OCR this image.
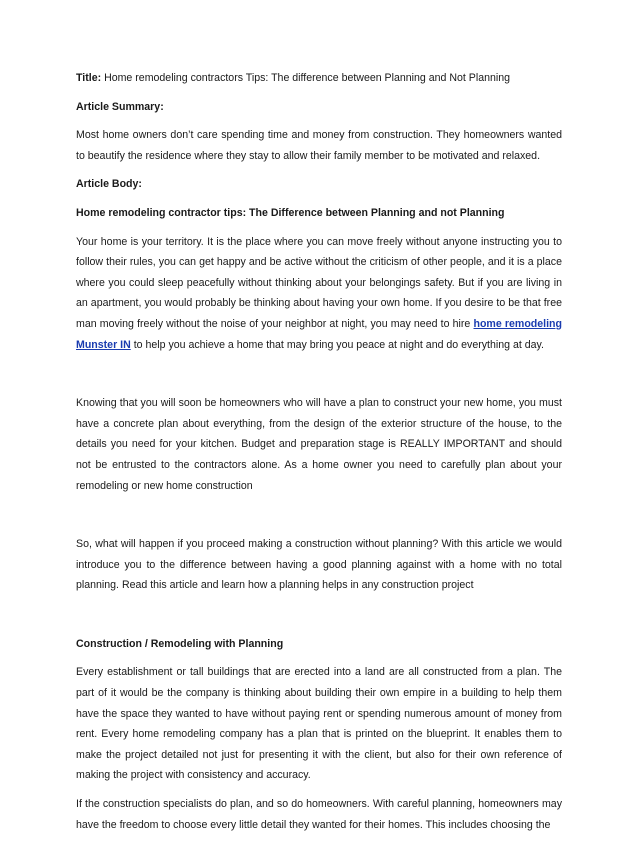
Title: Home remodeling contractors Tips: The difference between Planning and Not Planning
Article Summary:
Most home owners don’t care spending time and money from construction. They homeowners wanted to beautify the residence where they stay to allow their family member to be motivated and relaxed.
Article Body:
Home remodeling contractor tips: The Difference between Planning and not Planning
Your home is your territory. It is the place where you can move freely without anyone instructing you to follow their rules, you can get happy and be active without the criticism of other people, and it is a place where you could sleep peacefully without thinking about your belongings safety. But if you are living in an apartment, you would probably be thinking about having your own home. If you desire to be that free man moving freely without the noise of your neighbor at night, you may need to hire home remodeling Munster IN to help you achieve a home that may bring you peace at night and do everything at day.
Knowing that you will soon be homeowners who will have a plan to construct your new home, you must have a concrete plan about everything, from the design of the exterior structure of the house, to the details you need for your kitchen. Budget and preparation stage is REALLY IMPORTANT and should not be entrusted to the contractors alone. As a home owner you need to carefully plan about your remodeling or new home construction
So, what will happen if you proceed making a construction without planning? With this article we would introduce you to the difference between having a good planning against with a home with no total planning. Read this article and learn how a planning helps in any construction project
Construction / Remodeling with Planning
Every establishment or tall buildings that are erected into a land are all constructed from a plan. The part of it would be the company is thinking about building their own empire in a building to help them have the space they wanted to have without paying rent or spending numerous amount of money from rent. Every home remodeling company has a plan that is printed on the blueprint. It enables them to make the project detailed not just for presenting it with the client, but also for their own reference of making the project with consistency and accuracy.
If the construction specialists do plan, and so do homeowners. With careful planning, homeowners may have the freedom to choose every little detail they wanted for their homes. This includes choosing the
